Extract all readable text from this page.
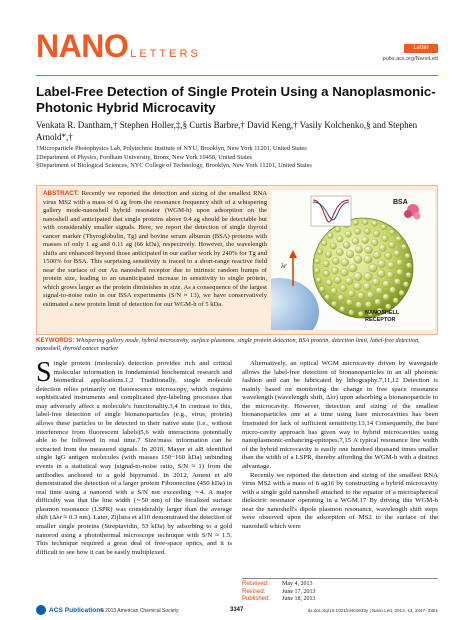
NANO LETTERS	Letter
pubs.acs.org/NanoLett
Label-Free Detection of Single Protein Using a Nanoplasmonic-Photonic Hybrid Microcavity
Venkata R. Dantham,† Stephen Holler,‡,§ Curtis Barbre,† David Keng,† Vasily Kolchenko,§ and Stephen Arnold*,†
†Microparticle Photophysics Lab, Polytechnic Institute of NYU, Brooklyn, New York 11201, United States
‡Department of Physics, Fordham University, Bronx, New York 10458, United States
§Department of Biological Sciences, NYC College of Technology, Brooklyn, New York 11201, United States

ABSTRACT: Recently we reported the detection and sizing of the smallest RNA virus MS2 with a mass of 6 ag from the resonance frequency shift of a whispering gallery mode-nanoshell hybrid resonator (WGM-h) upon adsorption on the nanoshell and anticipated that single proteins above 0.4 ag should be detectable but with considerably smaller signals. Here, we report the detection of single thyroid cancer marker (Thyroglobulin, Tg) and bovine serum albumin (BSA) proteins with masses of only 1 ag and 0.11 ag (66 kDa), respectively. However, the wavelength shifts are enhanced beyond those anticipated in our earlier work by 240% for Tg and 1500% for BSA. This surprising sensitivity is traced to a short-range reactive field near the surface of our Au nanoshell receptor due to intrinsic random bumps of protein size, leading to an unanticipated increase in sensitivity to single protein, which grows larger as the protein diminishes in size. As a consequence of the largest signal-to-noise ratio in our BSA experiments (S/N ≈ 13), we have conservatively estimated a new protein limit of detection for our WGM-h of 5 kDa.

BSA
λr
NANOSHELL
RECEPTOR
KEYWORDS: Whispering gallery mode, hybrid microcavity, surface plasmons, single protein detection, BSA protein, detection limit, label-free detection, nanoshell, thyroid cancer marker
Single protein (molecule) detection provides rich and critical molecular information in fundamental biochemical research and biomedical applications.1,2 Traditionally, single molecule detection relies primarily on fluorescence microscopy, which requires sophisticated instruments and complicated dye-labeling processes that may adversely affect a molecule's functionality.3,4 In contrast to this, label-free detection of single bionanoparticles (e.g., virus, protein) allows these particles to be detected in their native state (i.e., without interference from fluorescent labels)5,6 with interactions potentially able to be followed in real time.7 Size/mass information can be extracted from the measured signals. In 2010, Mayer et al8 identified single IgG antigen molecules (with masses 150−160 kDa) unbinding events in a statistical way (signal-to-noise ratio, S/N ≈ 1) from the antibodies anchored to a gold bipyramid. In 2012, Ament et al9 demonstrated the detection of a larger protein Fibronectine (450 kDa) in real time using a nanorod with a S/N not exceeding ∼4. A major difficulty was that the line width (∼50 nm) of the localized surface plasmon resonance (LSPR) was considerably larger than the average shift (Δλr ≈ 0.3 nm). Later, Zijlstra et al10 demonstrated the detection of smaller single proteins (Streptavidin, 53 kDa) by adsorbing to a gold nanorod using a photothermal microscope technique with S/N ≈ 1.5. This technique required a great deal of free-space optics, and it is difficult to see how it can be easily multiplexed.

Alternatively, an optical WGM microcavity driven by waveguide allows the label-free detection of bionanoparticles in an all photonic fashion and can be fabricated by lithography.7,11,12 Detection is mainly based on monitoring the change in free space resonance wavelength (wavelength shift, Δλr) upon adsorbing a bionanoparticle to the microcavity. However, detection and sizing of the smallest bionanoparticles one at a time using bare microcavities has been frustrated for lack of sufficient sensitivity.13,14 Consequently, the bare micro-cavity approach has given way to hybrid microcavities using nanoplasmonic-enhancing-epitopes.7,15 A typical resonance line width of the hybrid microcavity is easily one hundred thousand times smaller than the width of a LSPR, thereby affording the WGM-h with a distinct advantage.

Recently we reported the detection and sizing of the smallest RNA virus MS2 with a mass of 6 ag16 by constructing a hybrid microcavity with a single gold nanoshell attached to the equator of a microspherical dielectric resonator operating in a WGM.17 By driving this WGM-h near the nanoshell's dipole plasmon resonance, wavelength shift steps were observed upon the adsorption of MS2 to the surface of the nanoshell which were

Received:	May 4, 2013
Revised:	June 17, 2013
Published:	June 18, 2013
ACS Publications
© 2013 American Chemical Society	3347	dx.doi.org/10.1021/nl401633y | Nano Lett. 2013, 13, 3347−3351
